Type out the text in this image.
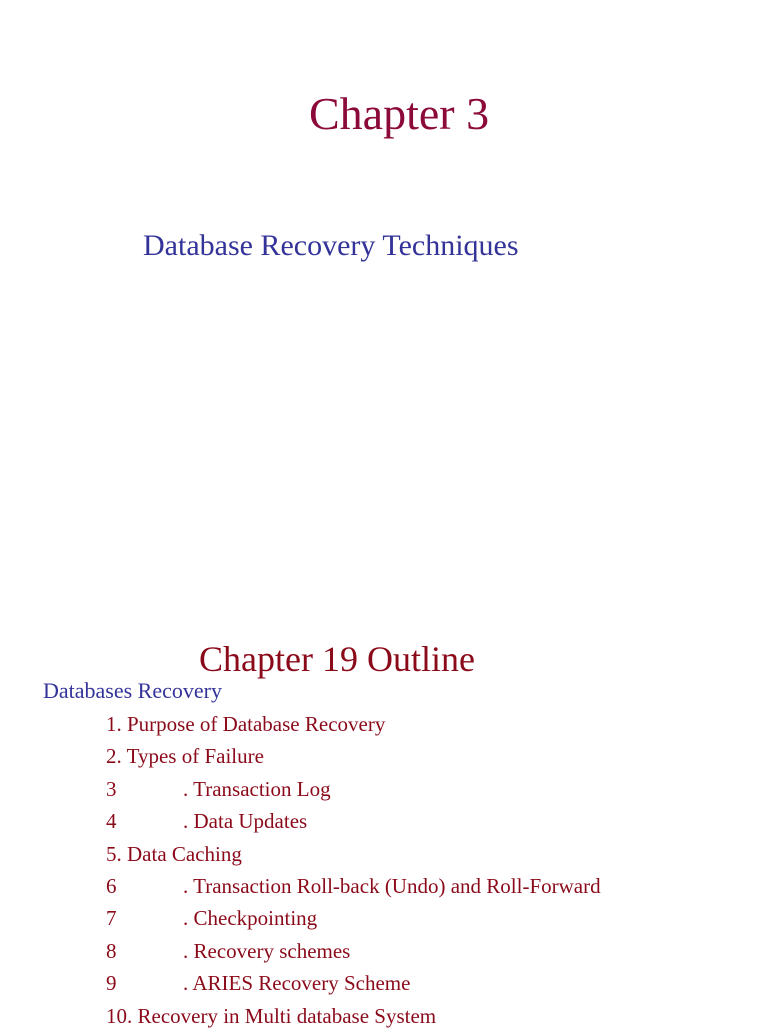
Chapter 3
Database Recovery Techniques
Chapter 19 Outline
Databases Recovery
1. Purpose of Database Recovery
2. Types of Failure
3	. Transaction Log
4	. Data Updates
5. Data Caching
6	. Transaction Roll-back (Undo) and Roll-Forward
7	. Checkpointing
8	. Recovery schemes
9	. ARIES Recovery Scheme
10. Recovery in Multi database System
